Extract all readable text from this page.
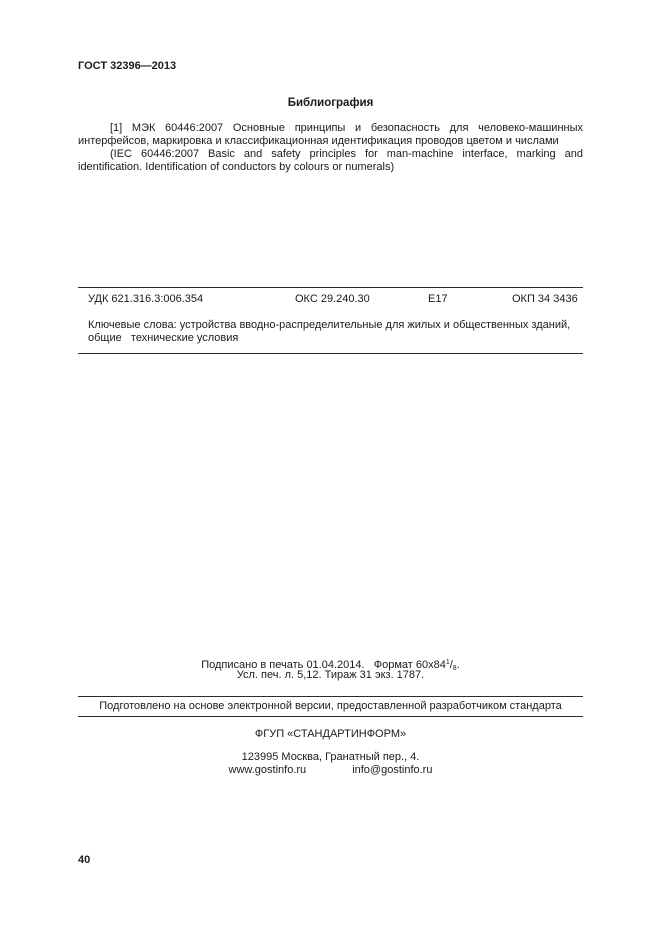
ГОСТ 32396—2013
Библиография
[1] МЭК 60446:2007 Основные принципы и безопасность для человеко-машинных интерфейсов, маркировка и классификационная идентификация проводов цветом и числами
(IEC 60446:2007 Basic and safety principles for man-machine interface, marking and identification. Identification of conductors by colours or numerals)
УДК 621.316.3:006.354	ОКС 29.240.30	Е17	ОКП 34 3436
Ключевые слова: устройства вводно-распределительные для жилых и общественных зданий,
общие   технические условия
Подписано в печать 01.04.2014.   Формат $60х84^1/_8$.
Усл. печ. л. 5,12. Тираж 31 экз. 1787.
Подготовлено на основе электронной версии, предоставленной разработчиком стандарта
ФГУП «СТАНДАРТИНФОРМ»
123995 Москва, Гранатный пер., 4.
www.gostinfo.ru	info@gostinfo.ru
40
